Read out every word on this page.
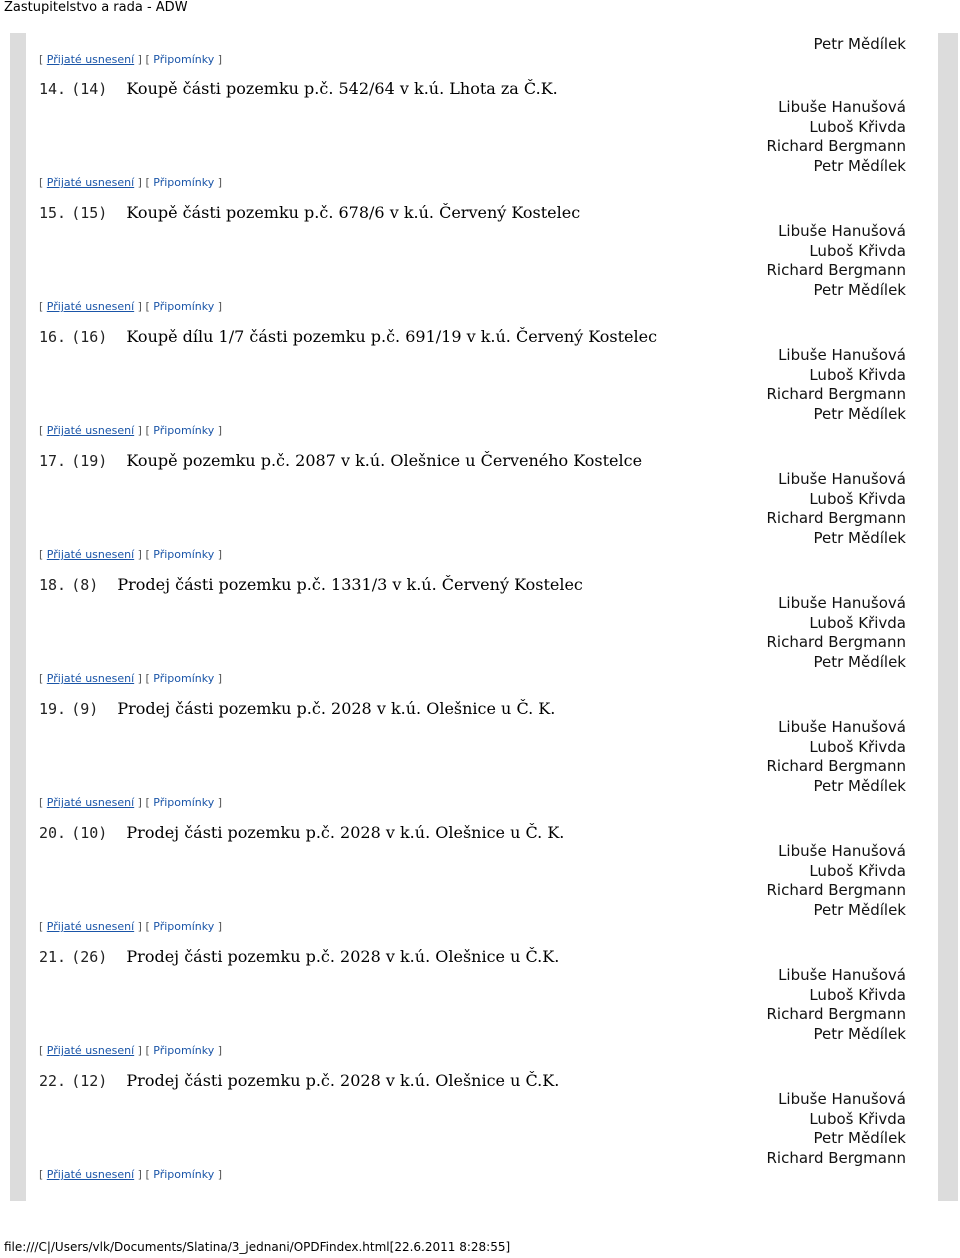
Zastupitelstvo a rada - ADW
Petr Mědílek
[ Přijaté usnesení ] [ Připomínky ]
14. (14) Koupě části pozemku p.č. 542/64 v k.ú. Lhota za Č.K.
Libuše Hanušová
Luboš Křivda
Richard Bergmann
Petr Mědílek
[ Přijaté usnesení ] [ Připomínky ]
15. (15) Koupě části pozemku p.č. 678/6 v k.ú. Červený Kostelec
Libuše Hanušová
Luboš Křivda
Richard Bergmann
Petr Mědílek
[ Přijaté usnesení ] [ Připomínky ]
16. (16) Koupě dílu 1/7 části pozemku p.č. 691/19 v k.ú. Červený Kostelec
Libuše Hanušová
Luboš Křivda
Richard Bergmann
Petr Mědílek
[ Přijaté usnesení ] [ Připomínky ]
17. (19) Koupě pozemku p.č. 2087 v k.ú. Olešnice u Červeného Kostelce
Libuše Hanušová
Luboš Křivda
Richard Bergmann
Petr Mědílek
[ Přijaté usnesení ] [ Připomínky ]
18. (8) Prodej části pozemku p.č. 1331/3 v k.ú. Červený Kostelec
Libuše Hanušová
Luboš Křivda
Richard Bergmann
Petr Mědílek
[ Přijaté usnesení ] [ Připomínky ]
19. (9) Prodej části pozemku p.č. 2028 v k.ú. Olešnice u Č. K.
Libuše Hanušová
Luboš Křivda
Richard Bergmann
Petr Mědílek
[ Přijaté usnesení ] [ Připomínky ]
20. (10) Prodej části pozemku p.č. 2028 v k.ú. Olešnice u Č. K.
Libuše Hanušová
Luboš Křivda
Richard Bergmann
Petr Mědílek
[ Přijaté usnesení ] [ Připomínky ]
21. (26) Prodej části pozemku p.č. 2028 v k.ú. Olešnice u Č.K.
Libuše Hanušová
Luboš Křivda
Richard Bergmann
Petr Mědílek
[ Přijaté usnesení ] [ Připomínky ]
22. (12) Prodej části pozemku p.č. 2028 v k.ú. Olešnice u Č.K.
Libuše Hanušová
Luboš Křivda
Petr Mědílek
Richard Bergmann
[ Přijaté usnesení ] [ Připomínky ]
file:///C|/Users/vlk/Documents/Slatina/3_jednani/OPDFindex.html[22.6.2011 8:28:55]
